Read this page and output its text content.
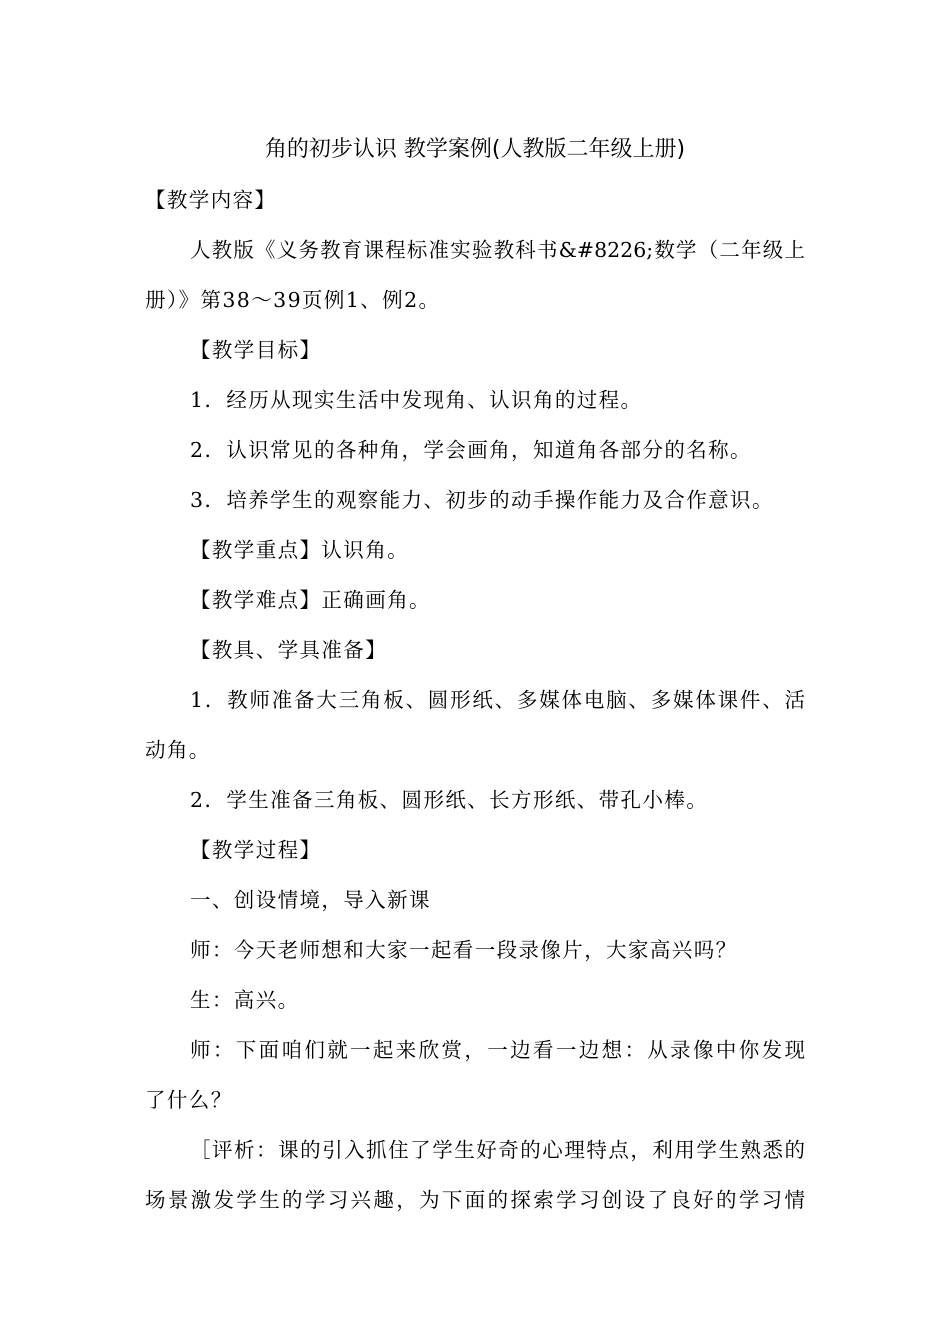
角的初步认识 教学案例(人教版二年级上册)
【教学内容】
人教版《义务教育课程标准实验教科书&#8226;数学（二年级上
册）》第38～39页例1、例2。
【教学目标】
1．经历从现实生活中发现角、认识角的过程。
2．认识常见的各种角，学会画角，知道角各部分的名称。
3．培养学生的观察能力、初步的动手操作能力及合作意识。
【教学重点】认识角。
【教学难点】正确画角。
【教具、学具准备】
1．教师准备大三角板、圆形纸、多媒体电脑、多媒体课件、活
动角。
2．学生准备三角板、圆形纸、长方形纸、带孔小棒。
【教学过程】
一、创设情境，导入新课
师：今天老师想和大家一起看一段录像片，大家高兴吗？
生：高兴。
师：下面咱们就一起来欣赏，一边看一边想：从录像中你发现
了什么？
［评析：课的引入抓住了学生好奇的心理特点，利用学生熟悉的
场景激发学生的学习兴趣，为下面的探索学习创设了良好的学习情
